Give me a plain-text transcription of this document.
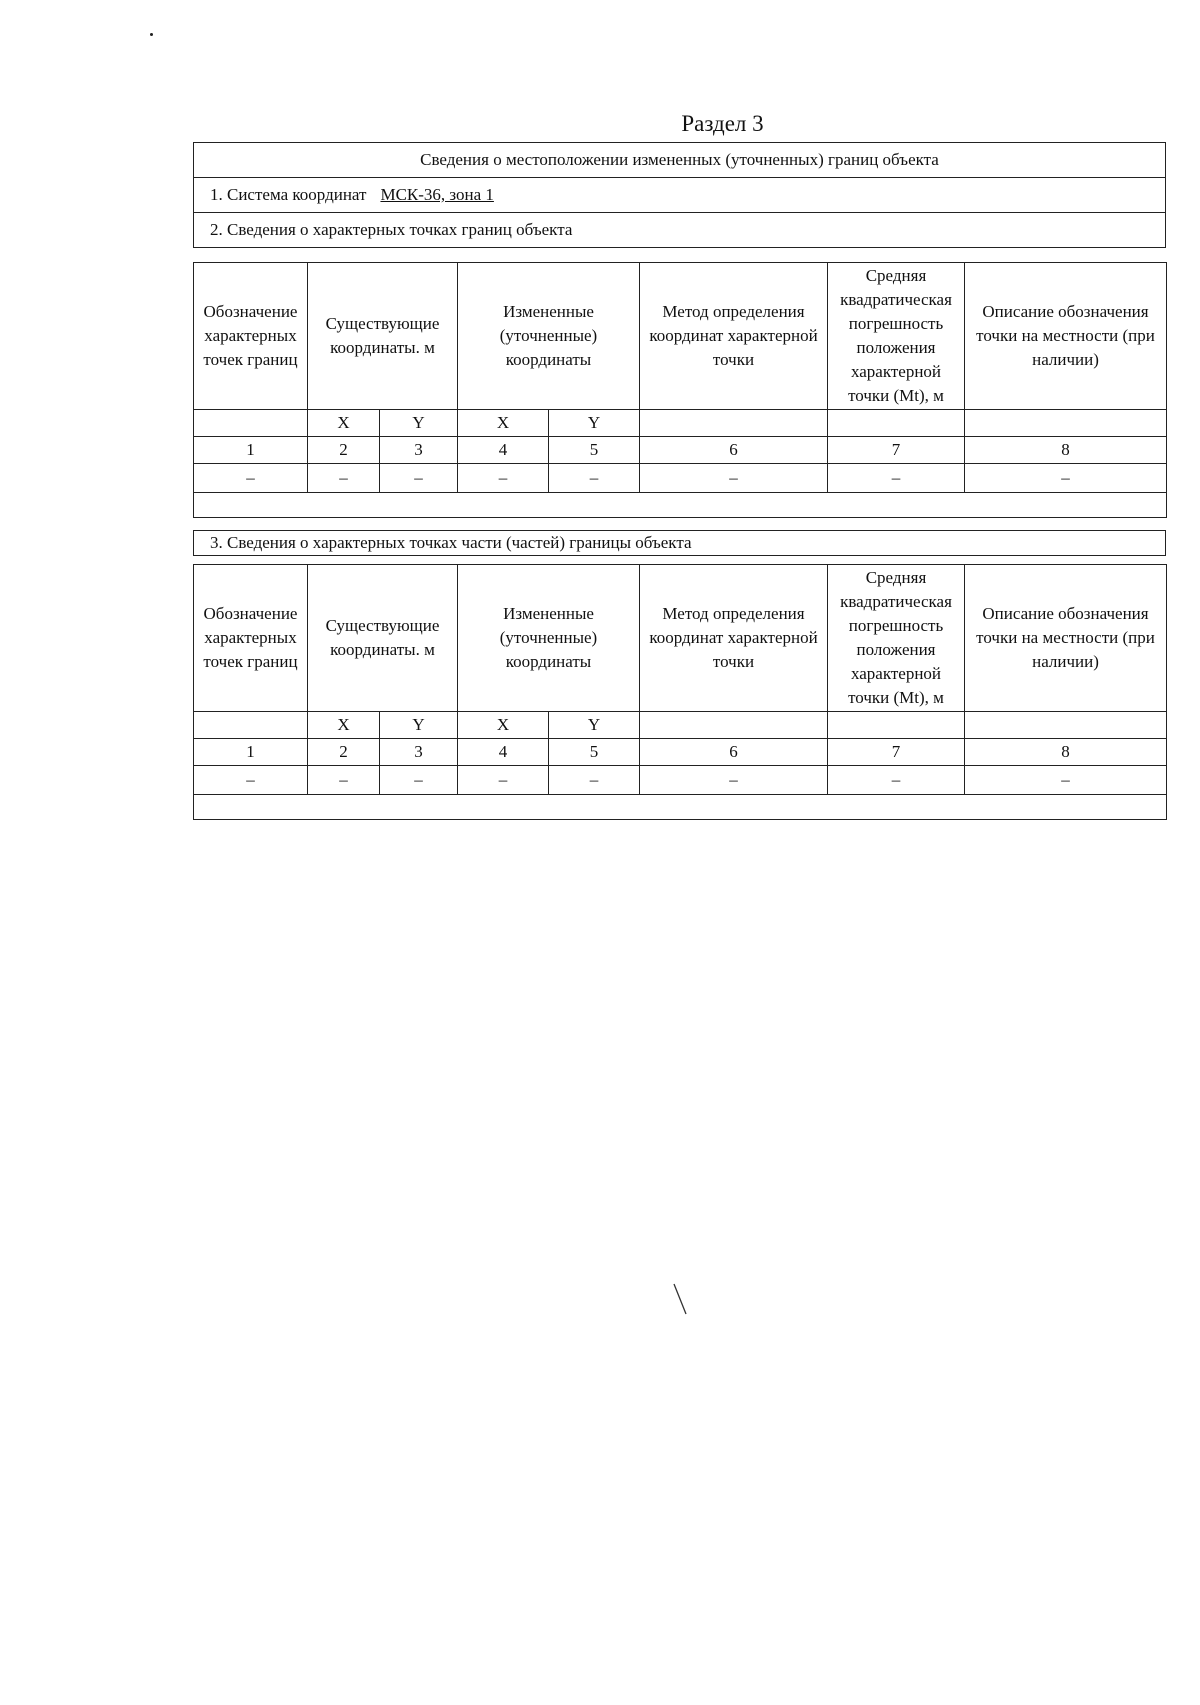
Раздел 3
Сведения о местоположении измененных (уточненных) границ объекта
1. Система координат МСК-36, зона 1
2. Сведения о характерных точках границ объекта
Обозначение характерных точек границ	Существующие координаты. м		Измененные (уточненные) координаты		Метод определения координат характерной точки	Средняя квадратическая погрешность положения характерной точки (Mt), м	Описание обозначения точки на местности (при наличии)
	X	Y	X	Y			
1	2	3	4	5	6	7	8
–	–	–	–	–	–	–	–

3. Сведения о характерных точках части (частей) границы объекта
Обозначение характерных точек границ	Существующие координаты. м		Измененные (уточненные) координаты		Метод определения координат характерной точки	Средняя квадратическая погрешность положения характерной точки (Mt), м	Описание обозначения точки на местности (при наличии)
	X	Y	X	Y			
1	2	3	4	5	6	7	8
–	–	–	–	–	–	–	–
